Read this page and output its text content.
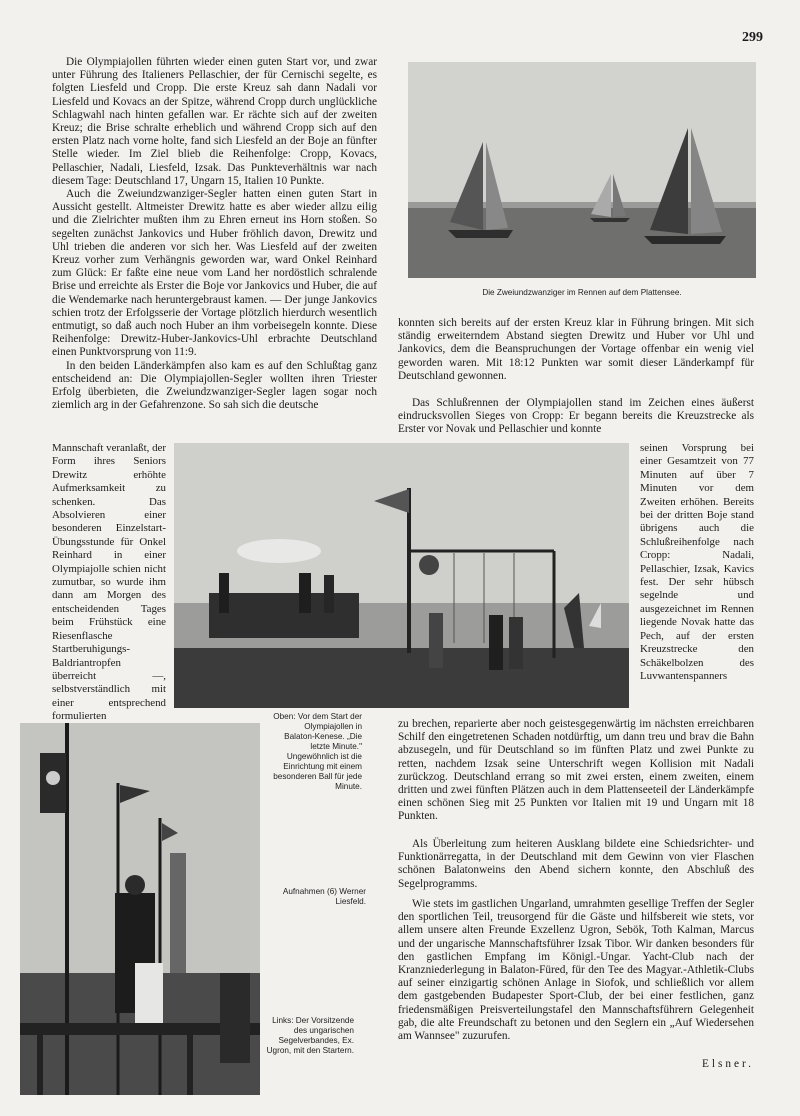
299

Die Olympiajollen führten wieder einen guten Start vor, und zwar unter Führung des Italieners Pellaschier, der für Cernischi segelte, es folgten Liesfeld und Cropp. Die erste Kreuz sah dann Nadali vor Liesfeld und Kovacs an der Spitze, während Cropp durch unglückliche Schlagwahl nach hinten gefallen war. Er rächte sich auf der zweiten Kreuz; die Brise schralte erheblich und während Cropp sich auf den ersten Platz nach vorne holte, fand sich Liesfeld an der Boje an fünfter Stelle wieder. Im Ziel blieb die Reihenfolge: Cropp, Kovacs, Pellaschier, Nadali, Liesfeld, Izsak. Das Punkteverhältnis war nach diesem Tage: Deutschland 17, Ungarn 15, Italien 10 Punkte.

Auch die Zweiundzwanziger-Segler hatten einen guten Start in Aussicht gestellt. Altmeister Drewitz hatte es aber wieder allzu eilig und die Zielrichter mußten ihm zu Ehren erneut ins Horn stoßen. So segelten zunächst Jankovics und Huber fröhlich davon, Drewitz und Uhl trieben die anderen vor sich her. Was Liesfeld auf der zweiten Kreuz vorher zum Verhängnis geworden war, ward Onkel Reinhard zum Glück: Er faßte eine neue vom Land her nordöstlich schralende Brise und erreichte als Erster die Boje vor Jankovics und Huber, die auf die Wendemarke nach heruntergebraust kamen. — Der junge Jankovics schien trotz der Erfolgsserie der Vortage plötzlich hierdurch wesentlich entmutigt, so daß auch noch Huber an ihm vorbeisegeln konnte. Diese Reihenfolge: Drewitz-Huber-Jankovics-Uhl erbrachte Deutschland einen Punktvorsprung von 11:9.

In den beiden Länderkämpfen also kam es auf den Schlußtag ganz entscheidend an: Die Olympiajollen-Segler wollten ihren Triester Erfolg überbieten, die Zweiundzwanziger-Segler lagen sogar noch ziemlich arg in der Gefahrenzone. So sah sich die deutsche

Mannschaft veranlaßt, der Form ihres Seniors Drewitz erhöhte Aufmerksamkeit zu schenken. Das Absolvieren einer besonderen Einzelstart-Übungsstunde für Onkel Reinhard in einer Olympiajolle schien nicht zumutbar, so wurde ihm dann am Morgen des entscheidenden Tages beim Frühstück eine Riesenflasche Startberuhigungs-Baldriantropfen überreicht —, selbstverständlich mit einer entsprechend formulierten

Die Zweiundzwanziger im Rennen auf dem Plattensee.

konnten sich bereits auf der ersten Kreuz klar in Führung bringen. Mit sich ständig erweiterndem Abstand siegten Drewitz und Huber vor Uhl und Jankovics, dem die Beanspruchungen der Vortage offenbar ein wenig viel geworden waren. Mit 18:12 Punkten war somit dieser Länderkampf für Deutschland gewonnen.

Das Schlußrennen der Olympiajollen stand im Zeichen eines äußerst eindrucksvollen Sieges von Cropp: Er begann bereits die Kreuzstrecke als Erster vor Novak und Pellaschier und konnte

seinen Vorsprung bei einer Gesamtzeit von 77 Minuten auf über 7 Minuten vor dem Zweiten erhöhen. Bereits bei der dritten Boje stand übrigens auch die Schlußreihenfolge nach Cropp: Nadali, Pellaschier, Izsak, Kavics fest. Der sehr hübsch segelnde und ausgezeichnet im Rennen liegende Novak hatte das Pech, auf der ersten Kreuzstrecke den Schäkelbolzen des Luvwantenspanners

Oben: Vor dem Start der Olympiajollen in Balaton-Kenese. „Die letzte Minute." Ungewöhnlich ist die Einrichtung mit einem besonderen Ball für jede Minute.

zu brechen, reparierte aber noch geistesgegenwärtig im nächsten erreichbaren Schilf den eingetretenen Schaden notdürftig, um dann treu und brav die Bahn abzusegeln, und für Deutschland so im fünften Platz und zwei Punkte zu retten, nachdem Izsak seine Unterschrift wegen Kollision mit Nadali zurückzog. Deutschland errang so mit zwei ersten, einem zweiten, einem dritten und zwei fünften Plätzen auch in dem Plattenseeteil der Länderkämpfe einen schönen Sieg mit 25 Punkten vor Italien mit 19 und Ungarn mit 18 Punkten.

Als Überleitung zum heiteren Ausklang bildete eine Schiedsrichter- und Funktionärregatta, in der Deutschland mit dem Gewinn von vier Flaschen schönen Balatonweins den Abend sichern konnte, den Abschluß des Segelprogramms.

Wie stets im gastlichen Ungarland, umrahmten gesellige Treffen der Segler den sportlichen Teil, treusorgend für die Gäste und hilfsbereit wie stets, vor allem unsere alten Freunde Exzellenz Ugron, Sebök, Toth Kalman, Marcus und der ungarische Mannschaftsführer Izsak Tibor. Wir danken besonders für den gastlichen Empfang im Königl.-Ungar. Yacht-Club nach der Kranzniederlegung in Balaton-Füred, für den Tee des Magyar.-Athletik-Clubs auf seiner einzigartig schönen Anlage in Siofok, und schließlich vor allem dem gastgebenden Budapester Sport-Club, der bei einer festlichen, ganz friedensmäßigen Preisverteilungstafel den Mannschaftsführern Gelegenheit gab, die alte Freundschaft zu betonen und den Seglern ein „Auf Wiedersehen am Wannsee" zuzurufen.

Elsner.
Aufnahmen (6) Werner Liesfeld.
Links: Der Vorsitzende des ungarischen Segelverbandes, Ex. Ugron, mit den Startern.
